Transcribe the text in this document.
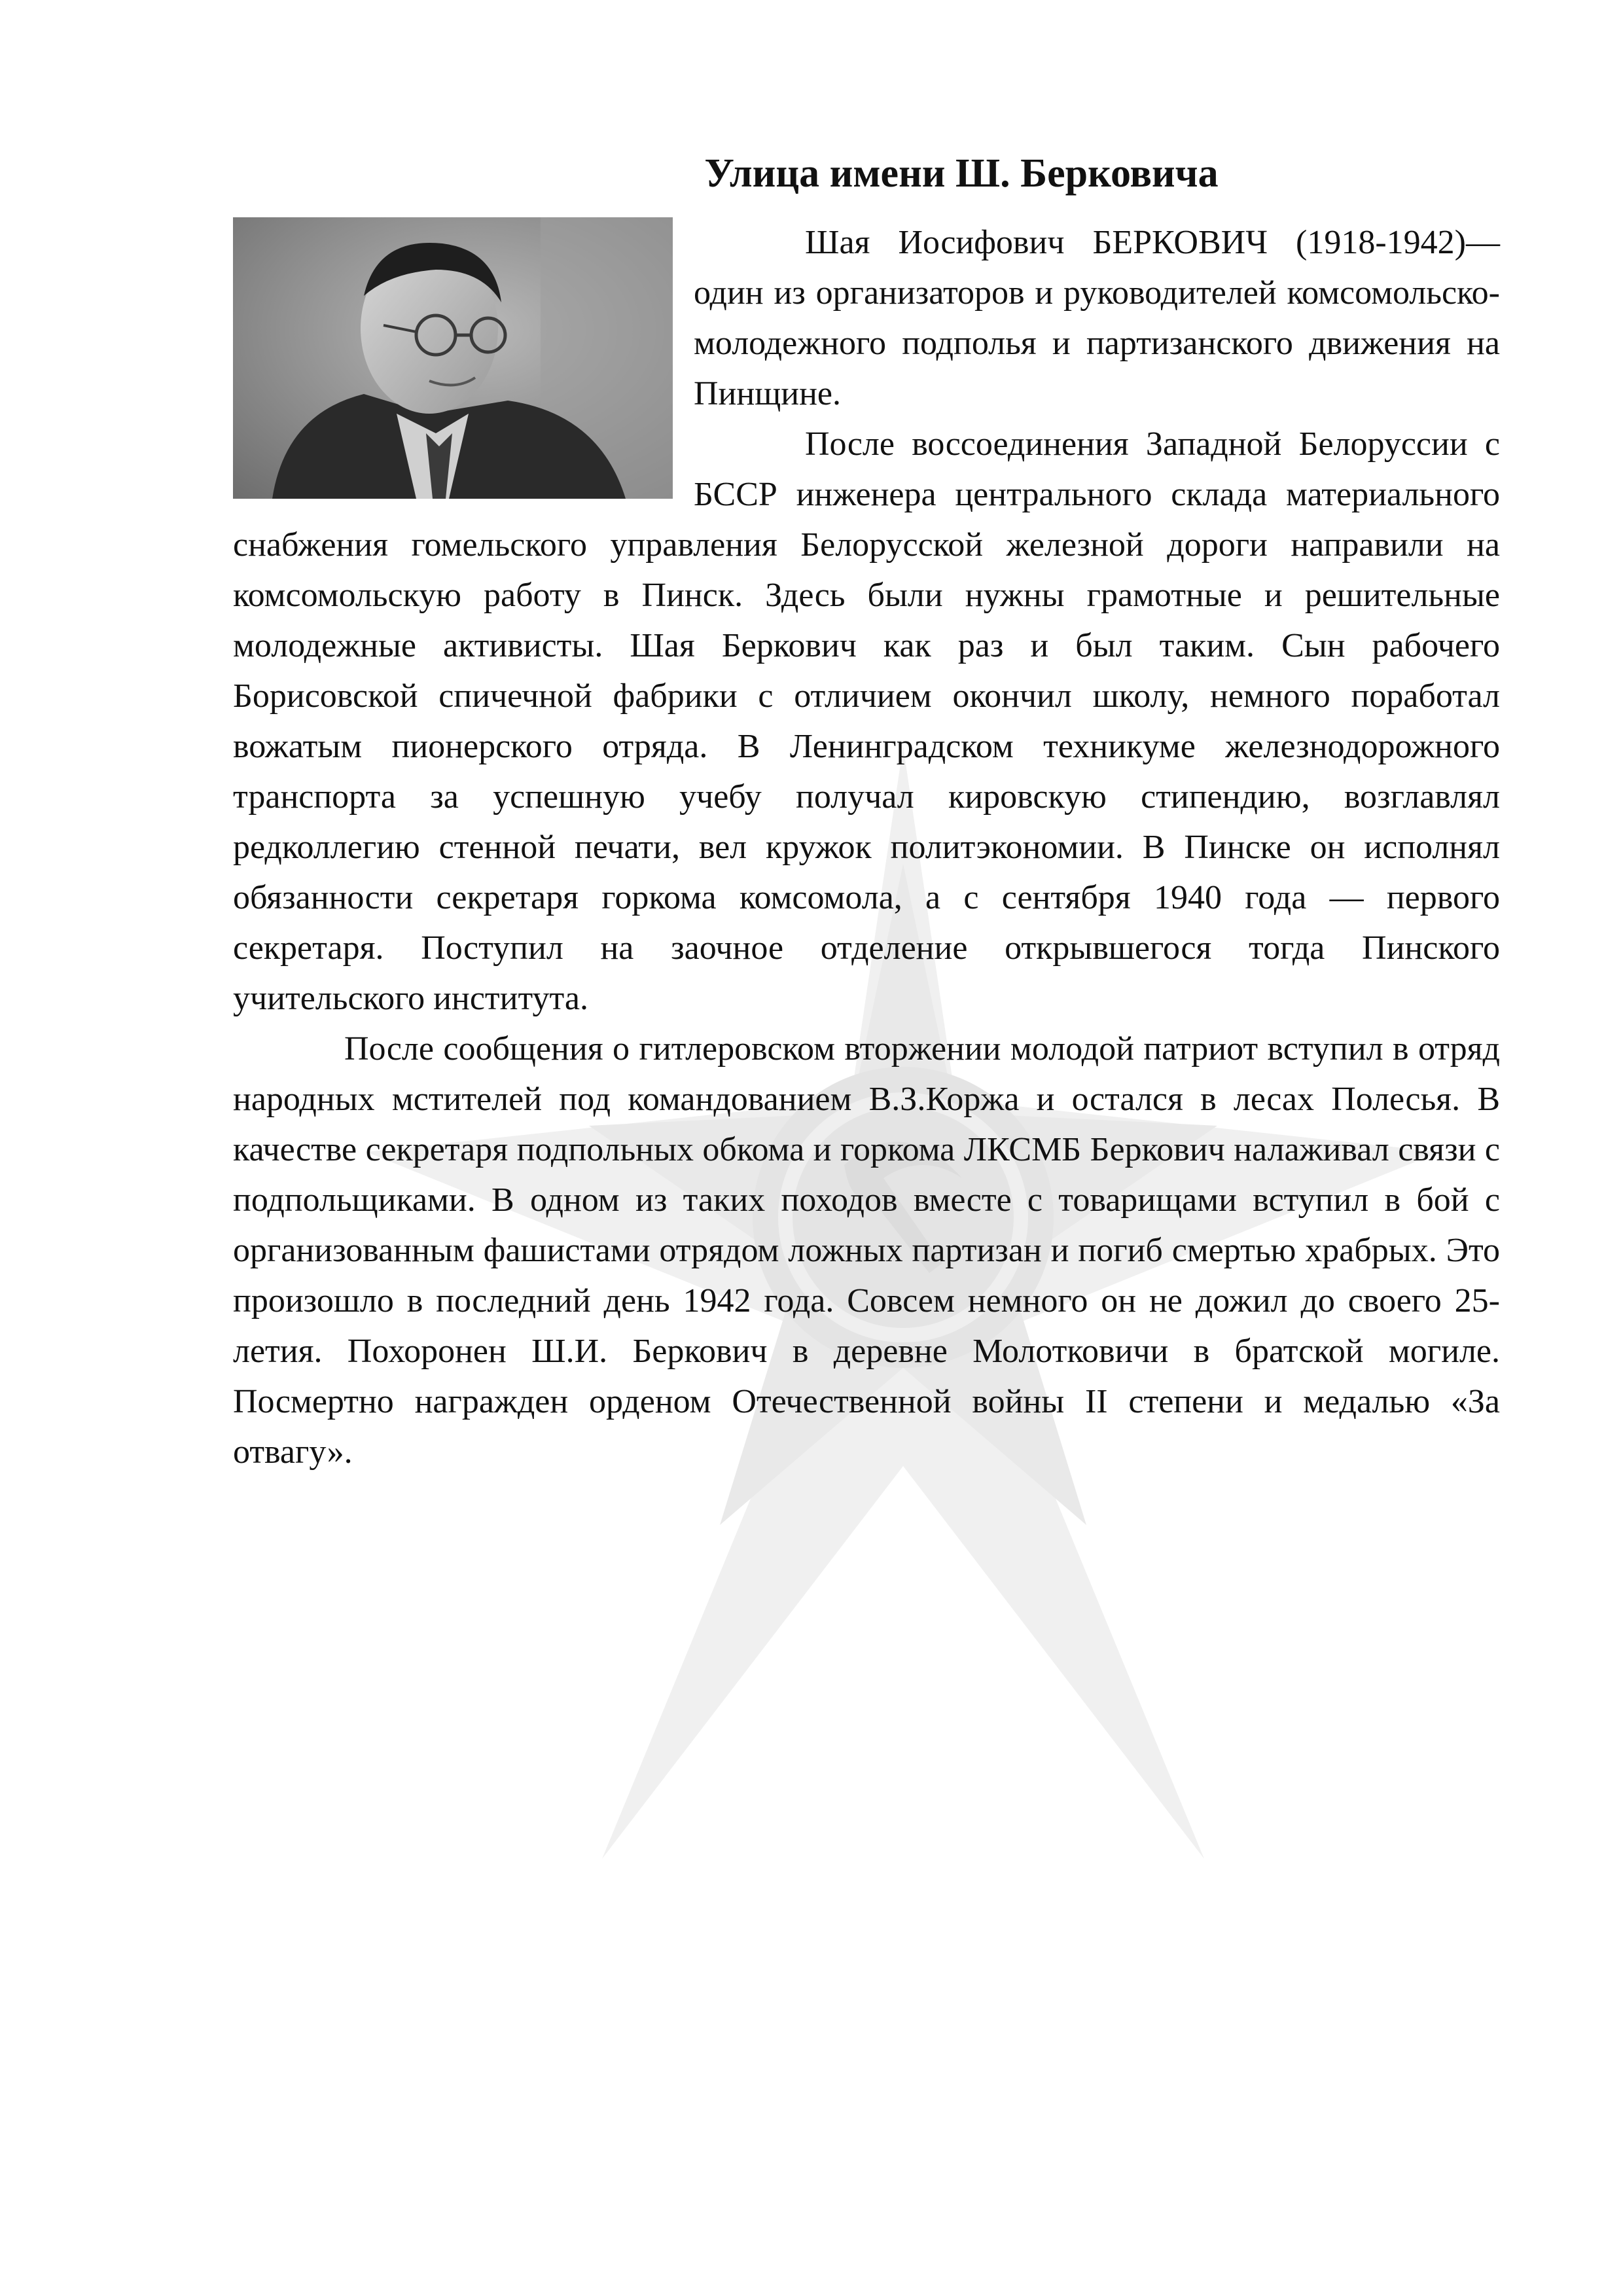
Улица имени Ш. Берковича

Шая Иосифович БЕРКОВИЧ (1918-1942)— один из организаторов и руководителей комсомольско-молодежного подполья и партизанского движения на Пинщине.

После воссоединения Западной Белоруссии с БССР инженера центрального склада материального снабжения гомельского управления Белорусской железной дороги направили на комсомольскую работу в Пинск. Здесь были нужны грамотные и решительные молодежные активисты. Шая Беркович как раз и был таким. Сын рабочего Борисовской спичечной фабрики с отличием окончил школу, немного поработал вожатым пионерского отряда. В Ленинградском техникуме железнодорожного транспорта за успешную учебу получал кировскую стипендию, возглавлял редколлегию стенной печати, вел кружок политэкономии. В Пинске он исполнял обязанности секретаря горкома комсомола, а с сентября 1940 года — первого секретаря. Поступил на заочное отделение открывшегося тогда Пинского учительского института.

После сообщения о гитлеровском вторжении молодой патриот вступил в отряд народных мстителей под командованием В.З.Коржа и остался в лесах Полесья. В качестве секретаря подпольных обкома и горкома ЛКСМБ Беркович налаживал связи с подпольщиками. В одном из таких походов вместе с товарищами вступил в бой с организованным фашистами отрядом ложных партизан и погиб смертью храбрых. Это произошло в последний день 1942 года. Совсем немного он не дожил до своего 25- летия. Похоронен Ш.И. Беркович в деревне Молотковичи в братской могиле. Посмертно награжден орденом Отечественной войны II степени и медалью «За отвагу».
